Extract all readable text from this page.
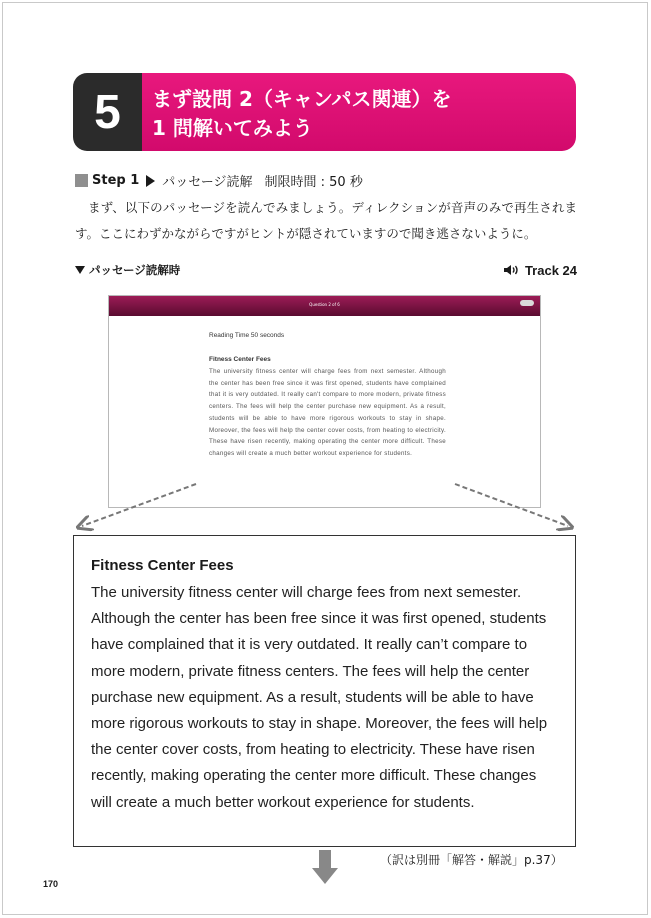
5	まず設問 2（キャンパス関連）を
1 問解いてみよう
Step 1 パッセージ読解 制限時間 : 50 秒

まず、以下のパッセージを読んでみましょう。ディレクションが音声のみで再生されます。ここにわずかながらですがヒントが隠されていますので聞き逃さないように。

パッセージ読解時	Track 24
Question 2 of 6
Reading Time 50 seconds
Fitness Center Fees
The university fitness center will charge fees from next semester. Although the center has been free since it was first opened, students have complained that it is very outdated. It really can't compare to more modern, private fitness centers. The fees will help the center purchase new equipment. As a result, students will be able to have more rigorous workouts to stay in shape. Moreover, the fees will help the center cover costs, from heating to electricity. These have risen recently, making operating the center more difficult. These changes will create a much better workout experience for students.
Fitness Center Fees
The university fitness center will charge fees from next semester. Although the center has been free since it was first opened, students have complained that it is very outdated. It really can’t compare to more modern, private fitness centers. The fees will help the center purchase new equipment. As a result, students will be able to have more rigorous workouts to stay in shape. Moreover, the fees will help the center cover costs, from heating to electricity. These have risen recently, making operating the center more difficult. These changes will create a much better workout experience for students.
（訳は別冊「解答・解説」p.37）
170
